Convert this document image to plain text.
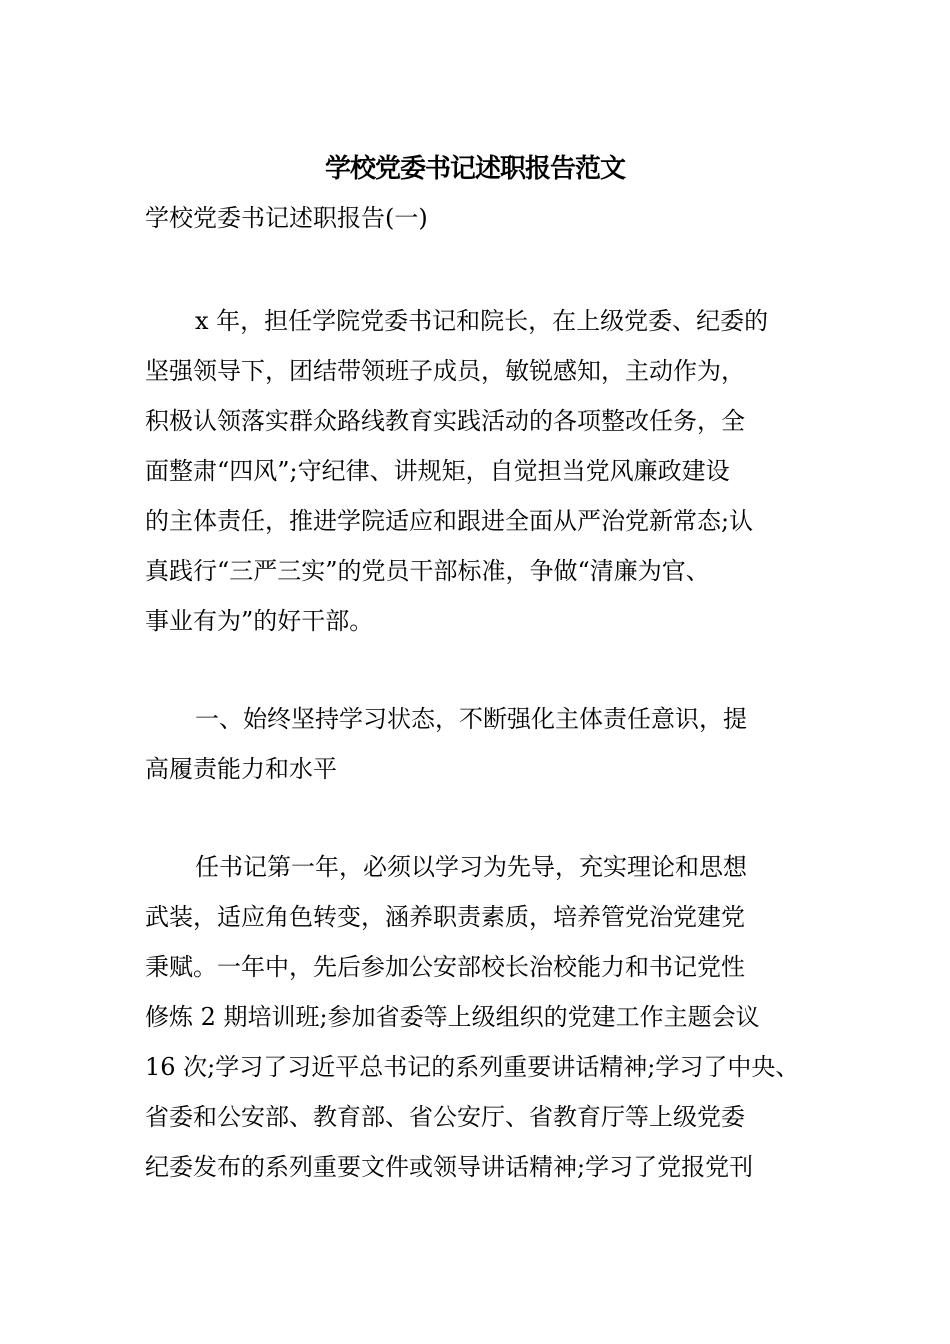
学校党委书记述职报告范文
学校党委书记述职报告(一)
x 年，担任学院党委书记和院长，在上级党委、纪委的
坚强领导下，团结带领班子成员，敏锐感知，主动作为，
积极认领落实群众路线教育实践活动的各项整改任务，全
面整肃“四风”;守纪律、讲规矩，自觉担当党风廉政建设
的主体责任，推进学院适应和跟进全面从严治党新常态;认
真践行“三严三实”的党员干部标准，争做“清廉为官、
事业有为”的好干部。
一、始终坚持学习状态，不断强化主体责任意识，提
高履责能力和水平
任书记第一年，必须以学习为先导，充实理论和思想
武装，适应角色转变，涵养职责素质，培养管党治党建党
秉赋。一年中，先后参加公安部校长治校能力和书记党性
修炼 2 期培训班;参加省委等上级组织的党建工作主题会议
16 次;学习了习近平总书记的系列重要讲话精神;学习了中央、
省委和公安部、教育部、省公安厅、省教育厅等上级党委
纪委发布的系列重要文件或领导讲话精神;学习了党报党刊
